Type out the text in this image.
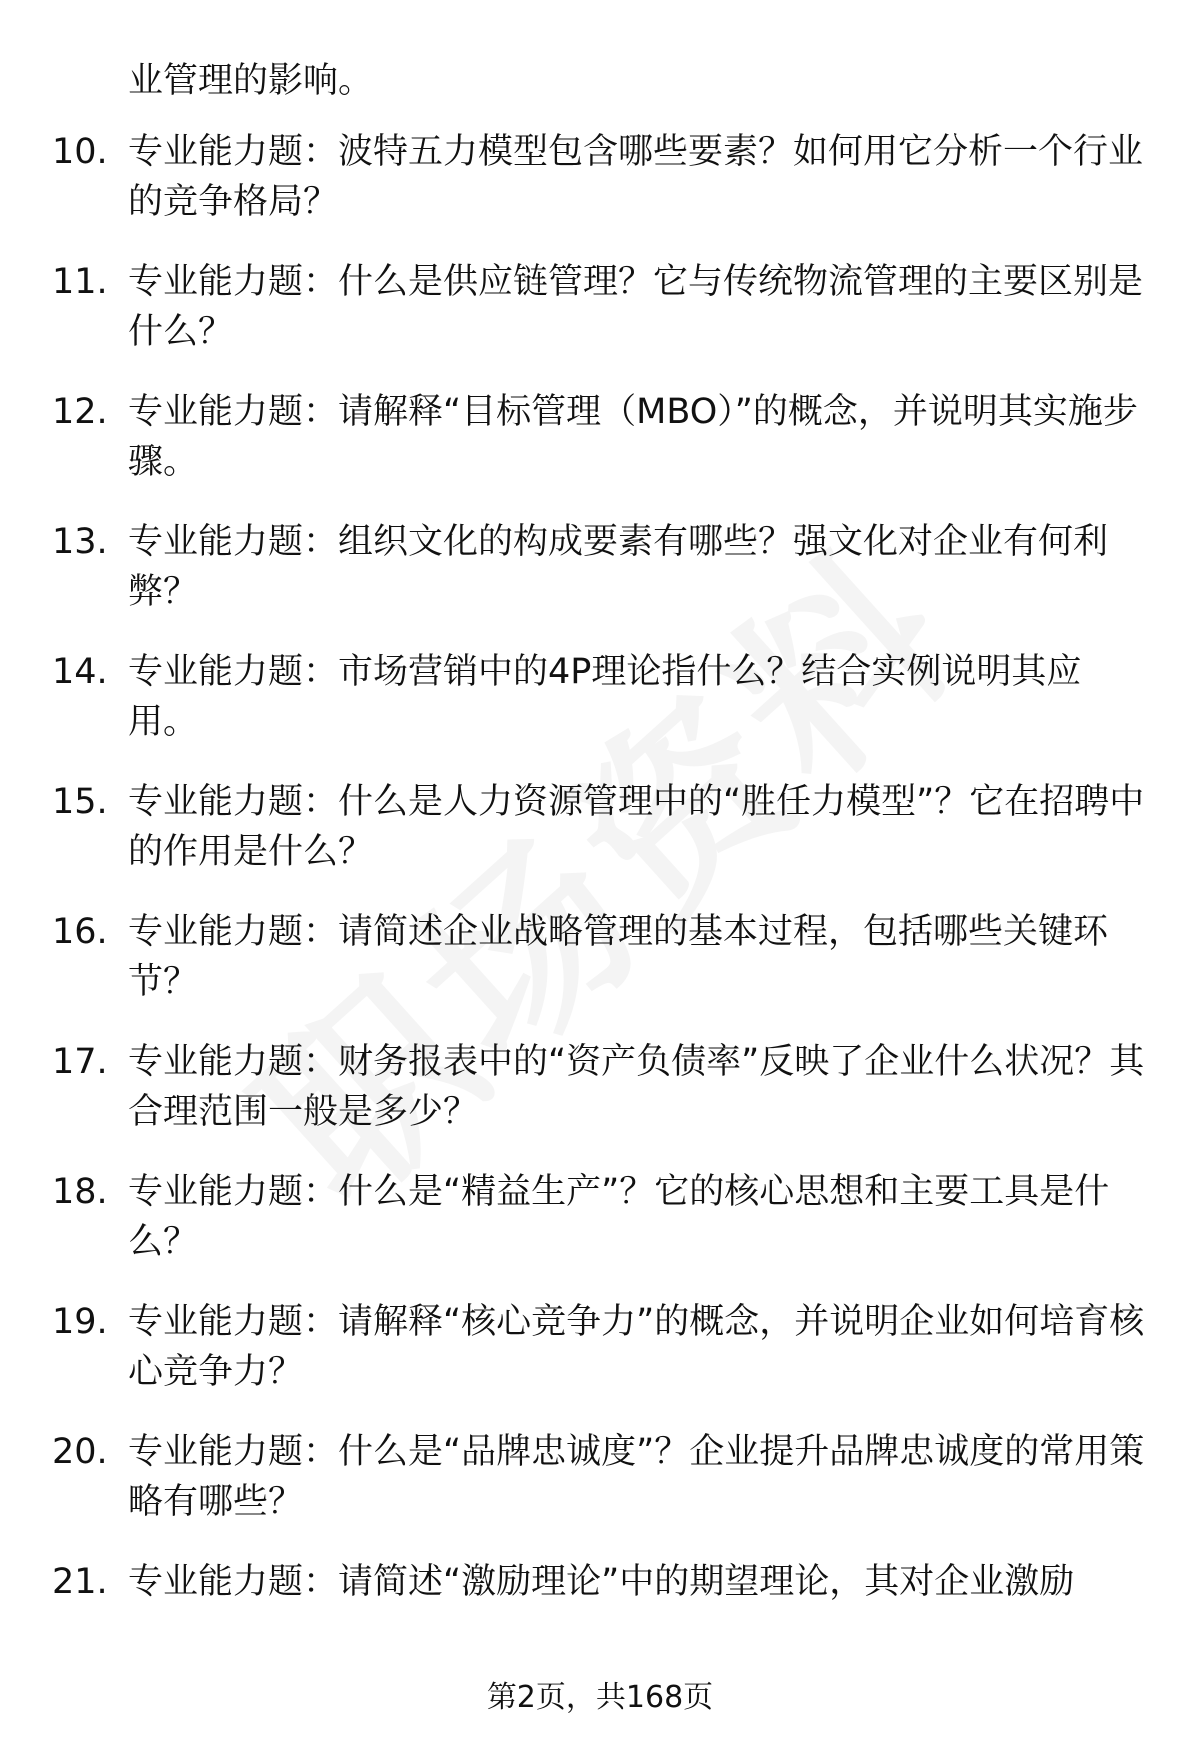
业管理的影响。
10. 专业能力题：波特五力模型包含哪些要素？如何用它分析一个行业的竞争格局？
11. 专业能力题：什么是供应链管理？它与传统物流管理的主要区别是什么？
12. 专业能力题：请解释“目标管理（MBO）”的概念，并说明其实施步骤。
13. 专业能力题：组织文化的构成要素有哪些？强文化对企业有何利弊？
14. 专业能力题：市场营销中的4P理论指什么？结合实例说明其应用。
15. 专业能力题：什么是人力资源管理中的“胜任力模型”？它在招聘中的作用是什么？
16. 专业能力题：请简述企业战略管理的基本过程，包括哪些关键环节？
17. 专业能力题：财务报表中的“资产负债率”反映了企业什么状况？其合理范围一般是多少？
18. 专业能力题：什么是“精益生产”？它的核心思想和主要工具是什么？
19. 专业能力题：请解释“核心竞争力”的概念，并说明企业如何培育核心竞争力？
20. 专业能力题：什么是“品牌忠诚度”？企业提升品牌忠诚度的常用策略有哪些？
21. 专业能力题：请简述“激励理论”中的期望理论，其对企业激励
第2页，共168页
